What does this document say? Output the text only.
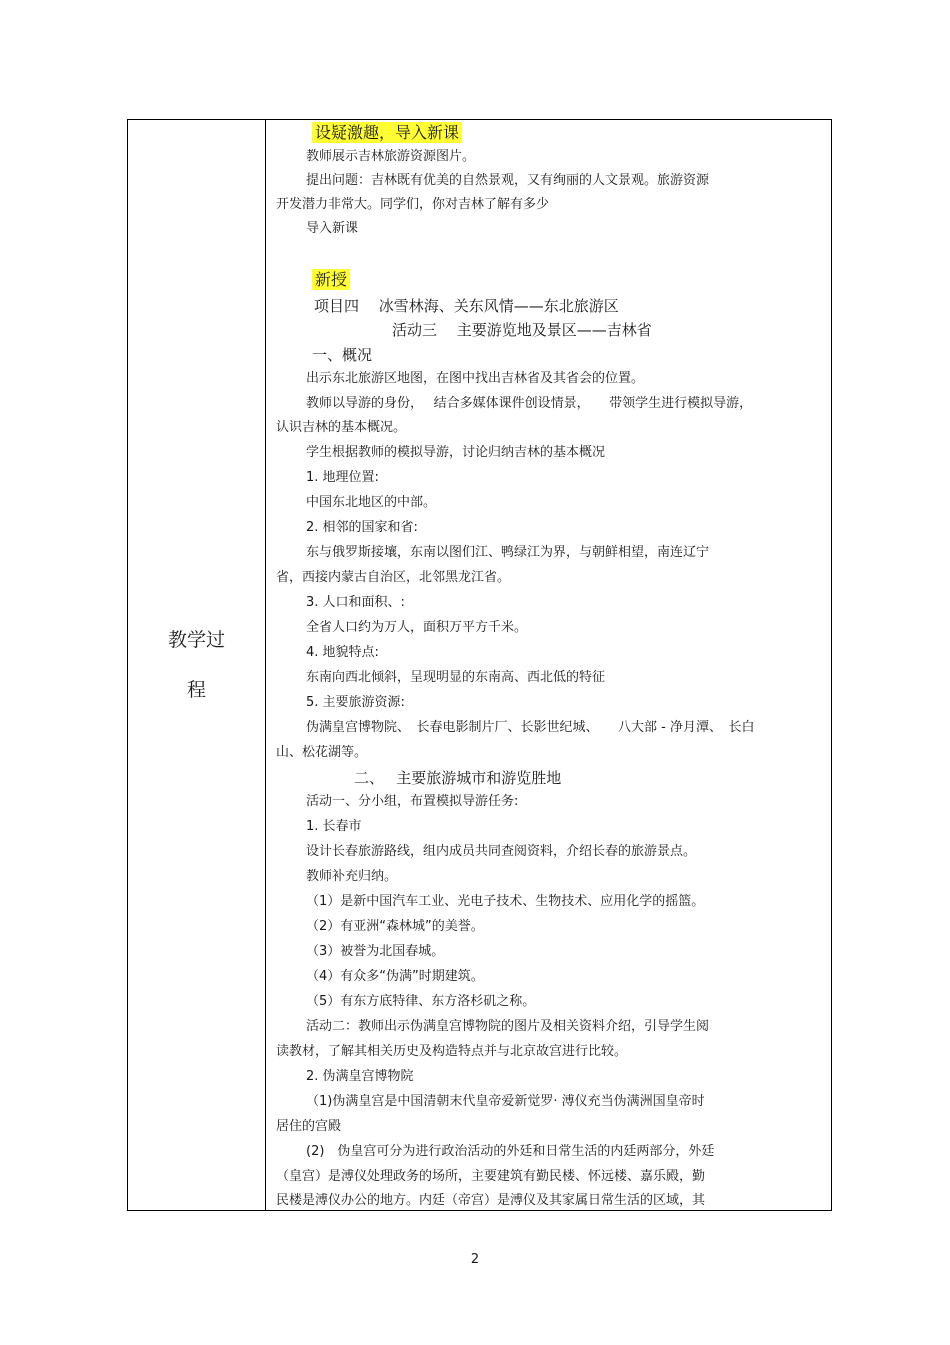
教学过
程
设疑激趣，导入新课
教师展示吉林旅游资源图片。
提出问题：吉林既有优美的自然景观，又有绚丽的人文景观。旅游资源
开发潜力非常大。同学们，你对吉林了解有多少
导入新课
新授
项目四　 冰雪林海、关东风情——东北旅游区
活动三　 主要游览地及景区——吉林省
一、概况
出示东北旅游区地图，在图中找出吉林省及其省会的位置。
教师以导游的身份，　 结合多媒体课件创设情景，　　带领学生进行模拟导游，
认识吉林的基本概况。
学生根据教师的模拟导游，讨论归纳吉林的基本概况
1. 地理位置:
中国东北地区的中部。
2. 相邻的国家和省:
东与俄罗斯接壤，东南以图们江、鸭绿江为界，与朝鲜相望，南连辽宁
省，西接内蒙古自治区，北邻黑龙江省。
3. 人口和面积、:
全省人口约为万人，面积万平方千米。
4. 地貌特点:
东南向西北倾斜，呈现明显的东南高、西北低的特征
5. 主要旅游资源:
伪满皇宫博物院、　长春电影制片厂、长影世纪城、　　八大部 - 净月潭、　长白
山、松花湖等。
二、　 主要旅游城市和游览胜地
活动一、分小组，布置模拟导游任务:
1. 长春市
设计长春旅游路线，组内成员共同查阅资料，介绍长春的旅游景点。
教师补充归纳。
（1）是新中国汽车工业、光电子技术、生物技术、应用化学的摇篮。
（2）有亚洲“森林城”的美誉。
（3）被誉为北国春城。
（4）有众多“伪满”时期建筑。
（5）有东方底特律、东方洛杉矶之称。
活动二：教师出示伪满皇宫博物院的图片及相关资料介绍，引导学生阅
读教材，了解其相关历史及构造特点并与北京故宫进行比较。
2. 伪满皇宫博物院
（1)伪满皇宫是中国清朝末代皇帝爱新觉罗· 溥仪充当伪满洲国皇帝时
居住的宫殿
(2)　伪皇宫可分为进行政治活动的外廷和日常生活的内廷两部分，外廷
（皇宫）是溥仪处理政务的场所，主要建筑有勤民楼、怀远楼、嘉乐殿，勤
民楼是溥仪办公的地方。内廷（帝宫）是溥仪及其家属日常生活的区域，其
2
